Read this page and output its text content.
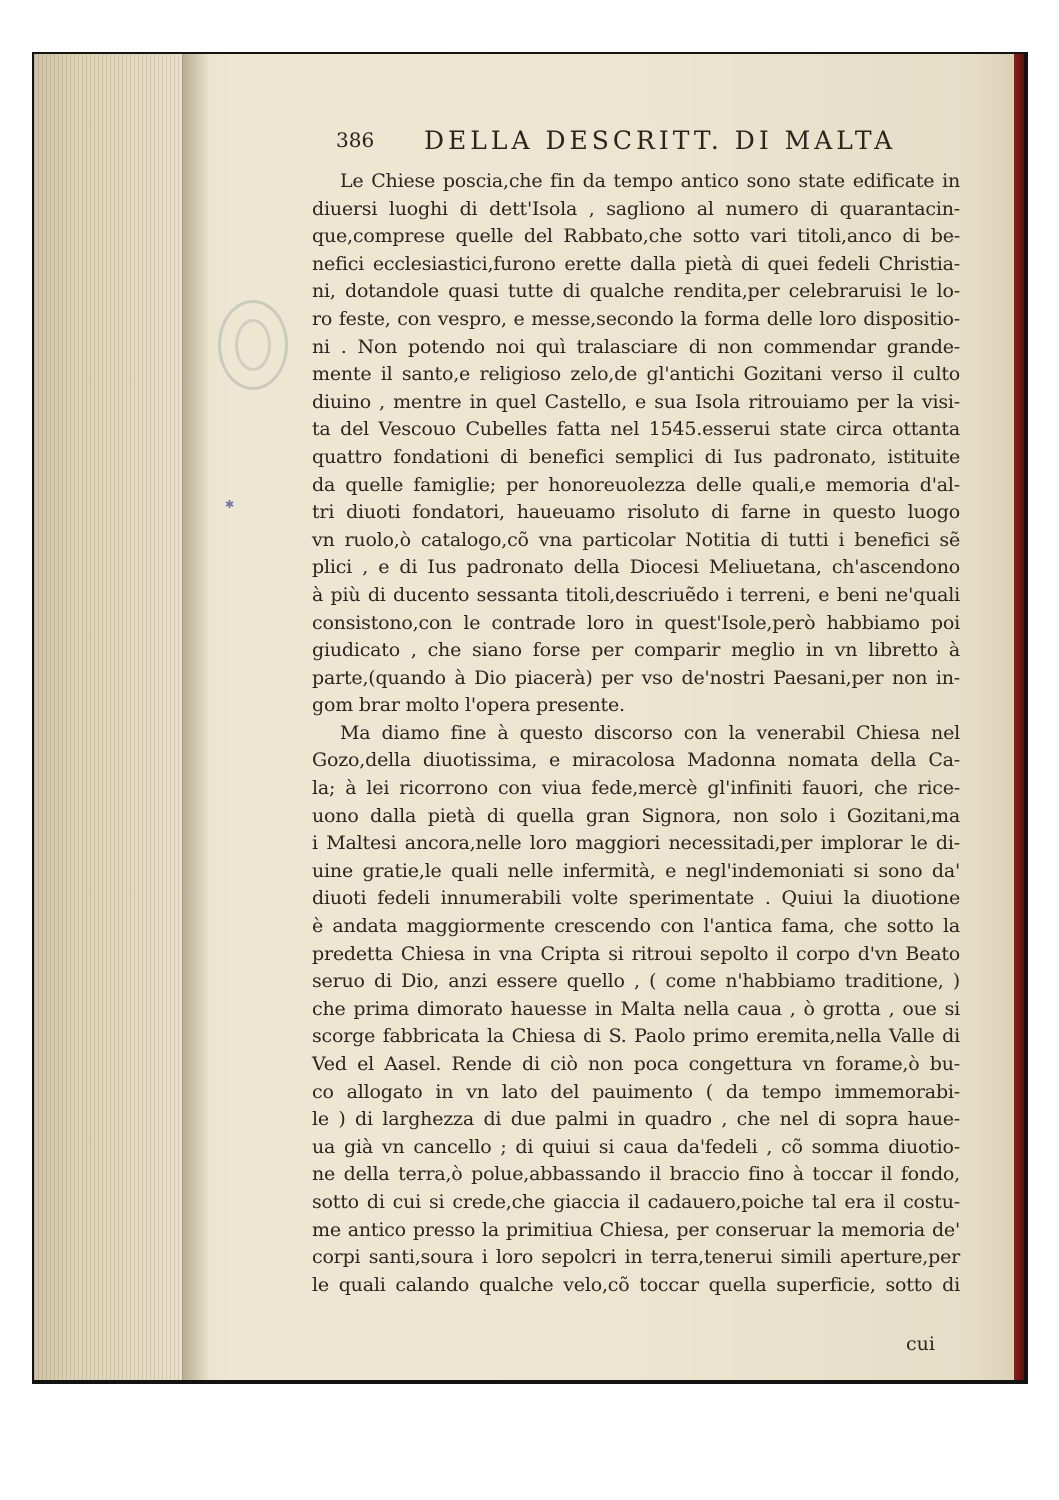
✱
386 DELLA DESCRITT. DI MALTA
Le Chiese poscia,che fin da tempo antico sono state edificate in
diuersi luoghi di dett'Isola , sagliono al numero di quarantacin-
que,comprese quelle del Rabbato,che sotto vari titoli,anco di be-
nefici ecclesiastici,furono erette dalla pietà di quei fedeli Christia-
ni, dotandole quasi tutte di qualche rendita,per celebraruisi le lo-
ro feste, con vespro, e messe,secondo la forma delle loro dispositio-
ni . Non potendo noi quì tralasciare di non commendar grande-
mente il santo,e religioso zelo,de gl'antichi Gozitani verso il culto
diuino , mentre in quel Castello, e sua Isola ritrouiamo per la visi-
ta del Vescouo Cubelles fatta nel 1545.esserui state circa ottanta
quattro fondationi di benefici semplici di Ius padronato, istituite
da quelle famiglie; per honoreuolezza delle quali,e memoria d'al-
tri diuoti fondatori, haueuamo risoluto di farne in questo luogo
vn ruolo,ò catalogo,cõ vna particolar Notitia di tutti i benefici sẽ
plici , e di Ius padronato della Diocesi Meliuetana, ch'ascendono
à più di ducento sessanta titoli,descriuẽdo i terreni, e beni ne'quali
consistono,con le contrade loro in quest'Isole,però habbiamo poi
giudicato , che siano forse per comparir meglio in vn libretto à
parte,(quando à Dio piacerà) per vso de'nostri Paesani,per non in-
gom brar molto l'opera presente.
Ma diamo fine à questo discorso con la venerabil Chiesa nel
Gozo,della diuotissima, e miracolosa Madonna nomata della Ca-
la; à lei ricorrono con viua fede,mercè gl'infiniti fauori, che rice-
uono dalla pietà di quella gran Signora, non solo i Gozitani,ma
i Maltesi ancora,nelle loro maggiori necessitadi,per implorar le di-
uine gratie,le quali nelle infermità, e negl'indemoniati si sono da'
diuoti fedeli innumerabili volte sperimentate . Quiui la diuotione
è andata maggiormente crescendo con l'antica fama, che sotto la
predetta Chiesa in vna Cripta si ritroui sepolto il corpo d'vn Beato
seruo di Dio, anzi essere quello , ( come n'habbiamo traditione, )
che prima dimorato hauesse in Malta nella caua , ò grotta , oue si
scorge fabbricata la Chiesa di S. Paolo primo eremita,nella Valle di
Ved el Aasel. Rende di ciò non poca congettura vn forame,ò bu-
co allogato in vn lato del pauimento ( da tempo immemorabi-
le ) di larghezza di due palmi in quadro , che nel di sopra haue-
ua già vn cancello ; di quiui si caua da'fedeli , cõ somma diuotio-
ne della terra,ò polue,abbassando il braccio fino à toccar il fondo,
sotto di cui si crede,che giaccia il cadauero,poiche tal era il costu-
me antico presso la primitiua Chiesa, per conseruar la memoria de'
corpi santi,soura i loro sepolcri in terra,tenerui simili aperture,per
le quali calando qualche velo,cõ toccar quella superficie, sotto di
cui
